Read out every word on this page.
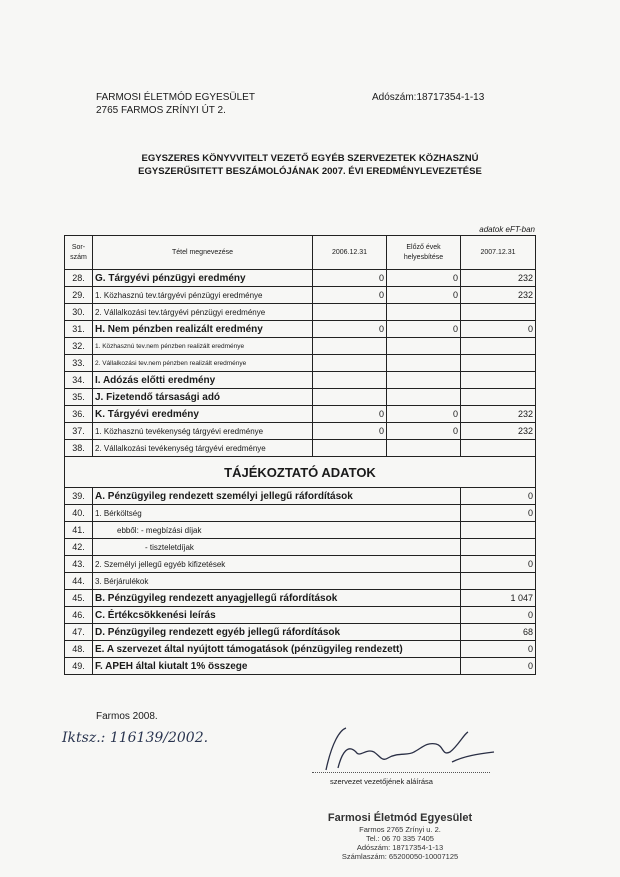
FARMOSI ÉLETMÓD EGYESÜLET
2765 FARMOS ZRÍNYI ÚT 2.
Adószám:18717354-1-13
EGYSZERES KÖNYVVITELT VEZETŐ EGYÉB SZERVEZETEK KÖZHASZNÚ
EGYSZERŰSITETT BESZÁMOLÓJÁNAK 2007. ÉVI EREDMÉNYLEVEZETÉSE
adatok eFT-ban
Sor-szám	Tétel megnevezése	2006.12.31	Előző évek helyesbítése	2007.12.31
28.	G. Tárgyévi pénzügyi eredmény	0	0	232
29.	1. Közhasznú tev.tárgyévi pénzügyi eredménye	0	0	232
30.	2. Vállalkozási tev.tárgyévi pénzügyi eredménye			
31.	H. Nem pénzben realizált eredmény	0	0	0
32.	1. Közhasznú tev.nem pénzben realizált eredménye			
33.	2. Vállalkozási tev.nem pénzben realizált eredménye			
34.	I. Adózás előtti eredmény			
35.	J. Fizetendő társasági adó			
36.	K. Tárgyévi eredmény	0	0	232
37.	1. Közhasznú tevékenység tárgyévi eredménye	0	0	232
38.	2. Vállalkozási tevékenység tárgyévi eredménye			
TÁJÉKOZTATÓ ADATOK				
39.	A. Pénzügyileg rendezett személyi jellegű ráfordítások			0
40.	1. Bérköltség			0
41.	ebből: - megbízási díjak			
42.	- tiszteletdíjak			
43.	2. Személyi jellegű egyéb kifizetések			0
44.	3. Bérjárulékok			
45.	B. Pénzügyileg rendezett anyagjellegű ráfordítások			1 047
46.	C. Értékcsökkenési leírás			0
47.	D. Pénzügyileg rendezett egyéb jellegű ráfordítások			68
48.	E. A szervezet által nyújtott támogatások (pénzügyileg rendezett)			0
49.	F. APEH által kiutalt 1% összege			0
Farmos 2008.
Iktsz.: 116139/2002.
szervezet vezetőjének aláírása
Farmosi Életmód Egyesület
Farmos 2765 Zrínyi u. 2.
Tel.: 06 70 335 7405
Adószám: 18717354-1-13
Számlaszám: 65200050-10007125
